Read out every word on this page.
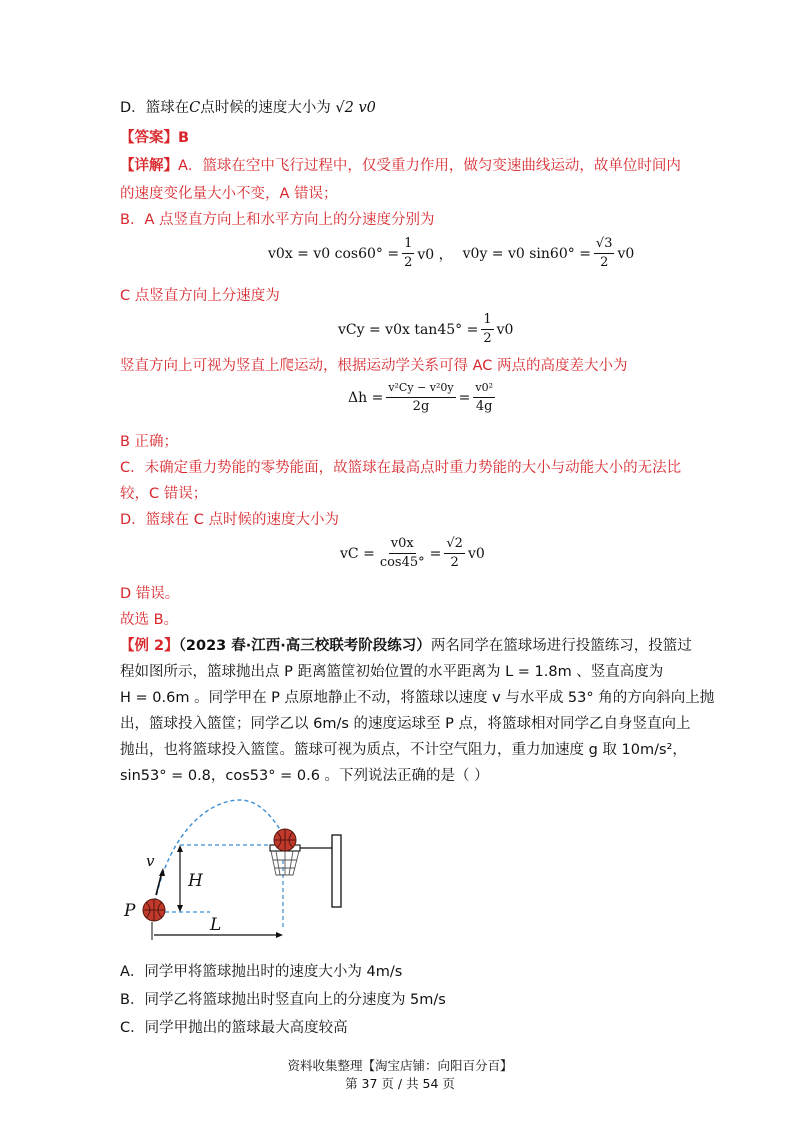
D．篮球在C点时候的速度大小为 √2 v0
【答案】B
【详解】A．篮球在空中飞行过程中，仅受重力作用，做匀变速曲线运动，故单位时间内
的速度变化量大小不变，A 错误；
B．A 点竖直方向上和水平方向上的分速度分别为
v0x = v0 $\cos 60^\circ = \frac{1}{2} v0$ ， v0y = v0 $\sin 60^\circ = \frac{√3}{2} v0$
C 点竖直方向上分速度为
vCy = v0x $\tan 45^\circ = \frac{1}{2} v0$
竖直方向上可视为竖直上爬运动，根据运动学关系可得 AC 两点的高度差大小为
$\Delta h = \frac{\text{v²Cy − v²0y}}{2g} = \frac{\text{v0²}}{4g}$
B 正确；
C．未确定重力势能的零势能面，故篮球在最高点时重力势能的大小与动能大小的无法比
较，C 错误；
D．篮球在 C 点时候的速度大小为
vC = $\frac{v0x}{\cos 45^\circ} = \frac{√2}{2} v0$
D 错误。
故选 B。
【例 2】（2023 春·江西·高三校联考阶段练习）两名同学在篮球场进行投篮练习，投篮过
程如图所示，篮球抛出点 P 距离篮筐初始位置的水平距离为 L = 1.8m 、竖直高度为
H = 0.6m 。同学甲在 P 点原地静止不动，将篮球以速度 v 与水平成 53° 角的方向斜向上抛
出，篮球投入篮筐；同学乙以 6m/s 的速度运球至 P 点，将篮球相对同学乙自身竖直向上
抛出，也将篮球投入篮筐。篮球可视为质点，不计空气阻力，重力加速度 g 取 10m/s²，
sin53° = 0.8，cos53° = 0.6 。下列说法正确的是（ ）
H
L
P
v
A．同学甲将篮球抛出时的速度大小为 4m/s
B．同学乙将篮球抛出时竖直向上的分速度为 5m/s
C．同学甲抛出的篮球最大高度较高
资料收集整理【淘宝店铺：向阳百分百】
第 37 页 / 共 54 页
